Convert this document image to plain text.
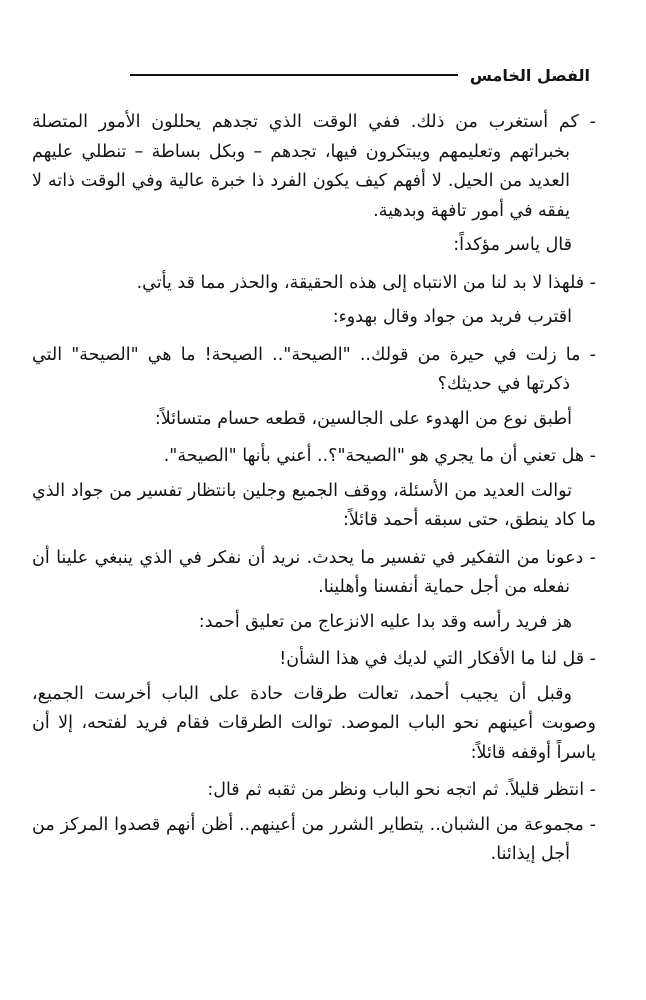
الفصل الخامس

- كم أستغرب من ذلك. ففي الوقت الذي تجدهم يحللون الأمور المتصلة بخبراتهم وتعليمهم ويبتكرون فيها، تجدهم – وبكل بساطة – تنطلي عليهم العديد من الحيل. لا أفهم كيف يكون الفرد ذا خبرة عالية وفي الوقت ذاته لا يفقه في أمور تافهة وبدهية.

قال ياسر مؤكداً:

- فلهذا لا بد لنا من الانتباه إلى هذه الحقيقة، والحذر مما قد يأتي.

اقترب فريد من جواد وقال بهدوء:

- ما زلت في حيرة من قولك.. "الصيحة".. الصيحة! ما هي "الصيحة" التي ذكرتها في حديثك؟

أطبق نوع من الهدوء على الجالسين، قطعه حسام متسائلاً:

- هل تعني أن ما يجري هو "الصيحة"؟.. أعني بأنها "الصيحة".

توالت العديد من الأسئلة، ووقف الجميع وجلين بانتظار تفسير من جواد الذي ما كاد ينطق، حتى سبقه أحمد قائلاً:

- دعونا من التفكير في تفسير ما يحدث. نريد أن نفكر في الذي ينبغي علينا أن نفعله من أجل حماية أنفسنا وأهلينا.

هز فريد رأسه وقد بدا عليه الانزعاج من تعليق أحمد:

- قل لنا ما الأفكار التي لديك في هذا الشأن!

وقبل أن يجيب أحمد، تعالت طرقات حادة على الباب أخرست الجميع، وصوبت أعينهم نحو الباب الموصد. توالت الطرقات فقام فريد لفتحه، إلا أن ياسراً أوقفه قائلاً:

- انتظر قليلاً. ثم اتجه نحو الباب ونظر من ثقبه ثم قال:

- مجموعة من الشبان.. يتطاير الشرر من أعينهم.. أظن أنهم قصدوا المركز من أجل إيذائنا.
